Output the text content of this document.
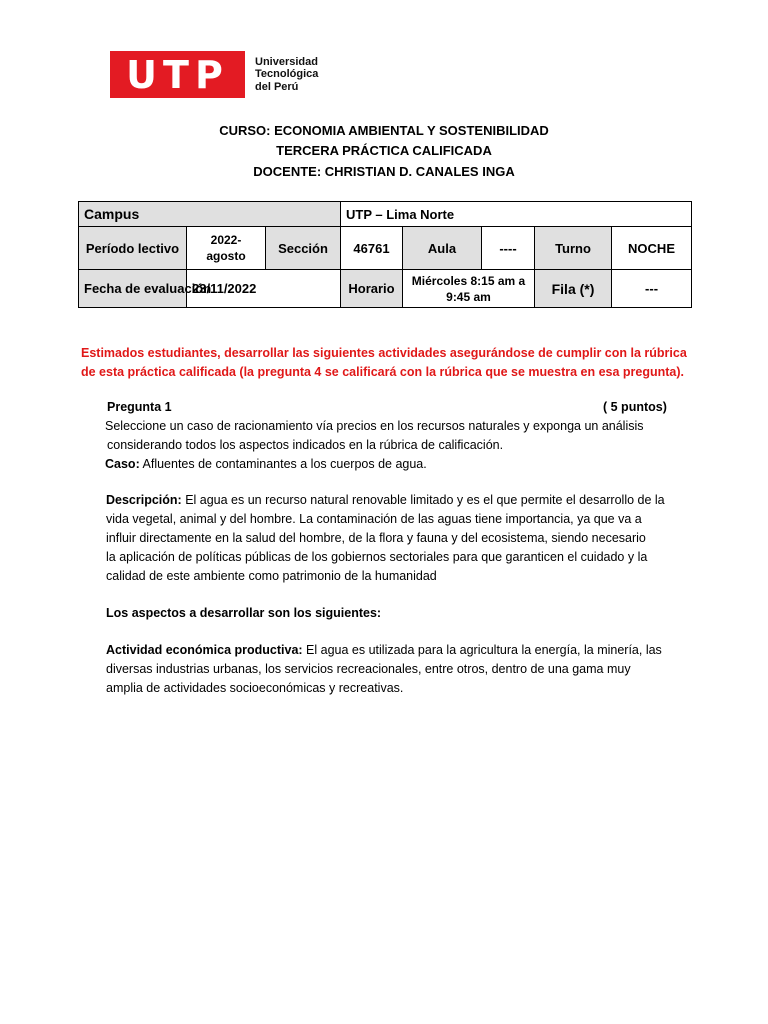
UTP	Universidad
Tecnológica
del Perú
CURSO: ECONOMIA AMBIENTAL Y SOSTENIBILIDAD
TERCERA PRÁCTICA CALIFICADA
DOCENTE: CHRISTIAN D. CANALES INGA
Campus			UTP – Lima Norte				
Período lectivo	2022-agosto	Sección	46761	Aula	----	Turno	NOCHE
Fecha de evaluación	23/11/2022		Horario	Miércoles 8:15 am a 9:45 am		Fila (*)	---
Estimados estudiantes, desarrollar las siguientes actividades asegurándose de cumplir con la rúbrica
de esta práctica calificada (la pregunta 4 se calificará con la rúbrica que se muestra en esa pregunta).
Pregunta 1	( 5 puntos)
Seleccione un caso de racionamiento vía precios en los recursos naturales y exponga un análisis
considerando todos los aspectos indicados en la rúbrica de calificación.
Caso: Afluentes de contaminantes a los cuerpos de agua.
Descripción: El agua es un recurso natural renovable limitado y es el que permite el desarrollo de la
vida vegetal, animal y del hombre. La contaminación de las aguas tiene importancia, ya que va a
influir directamente en la salud del hombre, de la flora y fauna y del ecosistema, siendo necesario
la aplicación de políticas públicas de los gobiernos sectoriales para que garanticen el cuidado y la
calidad de este ambiente como patrimonio de la humanidad
Los aspectos a desarrollar son los siguientes:
Actividad económica productiva: El agua es utilizada para la agricultura la energía, la minería, las
diversas industrias urbanas, los servicios recreacionales, entre otros, dentro de una gama muy
amplia de actividades socioeconómicas y recreativas.
